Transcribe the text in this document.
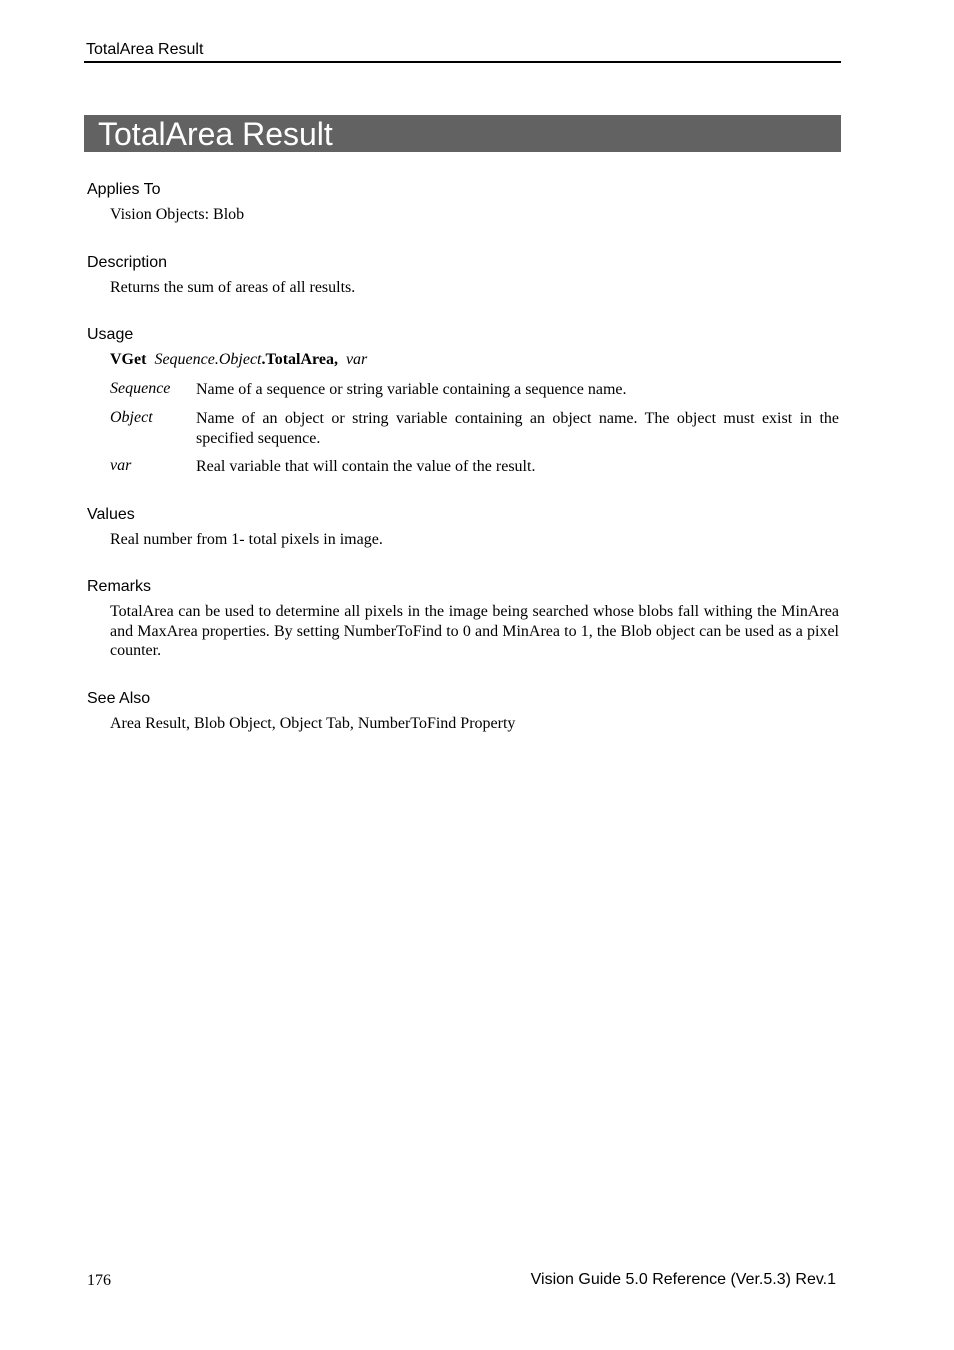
TotalArea Result
TotalArea Result
Applies To
Vision Objects: Blob
Description
Returns the sum of areas of all results.
Usage
VGet Sequence.Object.TotalArea, var
Sequence Name of a sequence or string variable containing a sequence name.
Object	Name of an object or string variable containing an object name. The object must exist in the specified sequence.
var	Real variable that will contain the value of the result.
Values
Real number from 1- total pixels in image.
Remarks
TotalArea can be used to determine all pixels in the image being searched whose blobs fall withing the MinArea and MaxArea properties. By setting NumberToFind to 0 and MinArea to 1, the Blob object can be used as a pixel counter.
See Also
Area Result, Blob Object, Object Tab, NumberToFind Property
176	Vision Guide 5.0 Reference (Ver.5.3) Rev.1
